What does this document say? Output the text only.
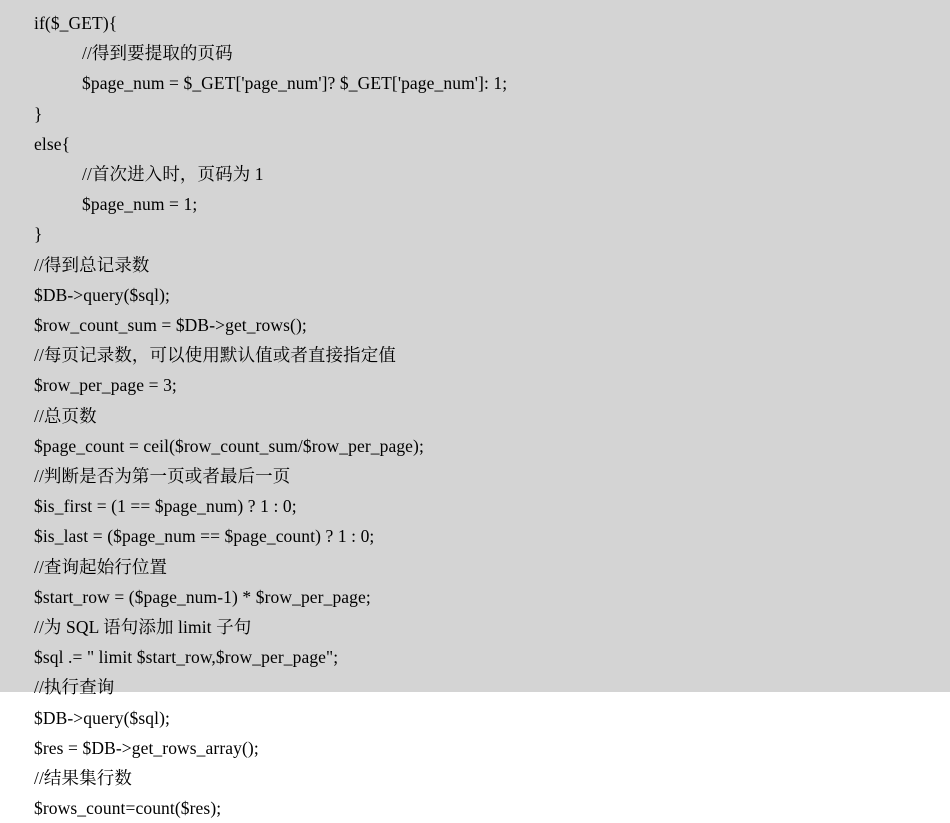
if($_GET){
//得到要提取的页码
$page_num = $_GET['page_num']? $_GET['page_num']: 1;
}
else{
//首次进入时，页码为 1
$page_num = 1;
}
//得到总记录数
$DB->query($sql);
$row_count_sum = $DB->get_rows();
//每页记录数，可以使用默认值或者直接指定值
$row_per_page = 3;
//总页数
$page_count = ceil($row_count_sum/$row_per_page);
//判断是否为第一页或者最后一页
$is_first = (1 == $page_num) ? 1 : 0;
$is_last = ($page_num == $page_count) ? 1 : 0;
//查询起始行位置
$start_row = ($page_num-1) * $row_per_page;
//为 SQL 语句添加 limit 子句
$sql .= " limit $start_row,$row_per_page";
//执行查询
$DB->query($sql);
$res = $DB->get_rows_array();
//结果集行数
$rows_count=count($res);
